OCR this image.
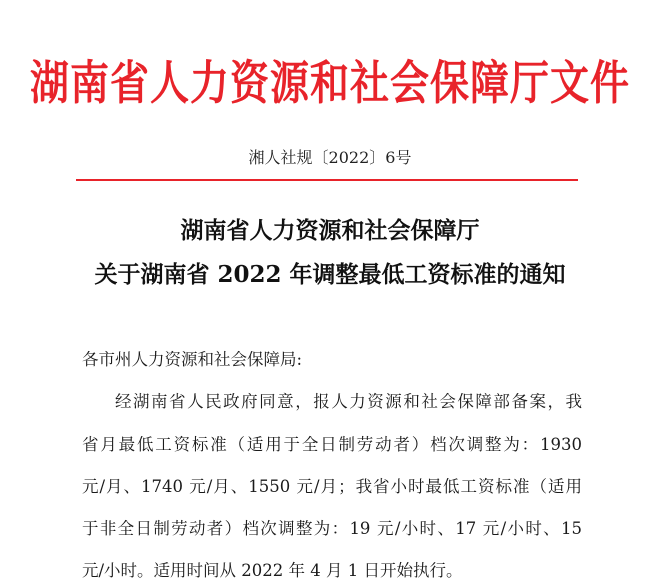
湖南省人力资源和社会保障厅文件
湘人社规〔2022〕6号
湖南省人力资源和社会保障厅
关于湖南省 2022 年调整最低工资标准的通知
各市州人力资源和社会保障局:
经湖南省人民政府同意，报人力资源和社会保障部备案，我
省月最低工资标准（适用于全日制劳动者）档次调整为：1930
元/月、1740 元/月、1550 元/月；我省小时最低工资标准（适用
于非全日制劳动者）档次调整为：19 元/小时、17 元/小时、15
元/小时。适用时间从 2022 年 4 月 1 日开始执行。
